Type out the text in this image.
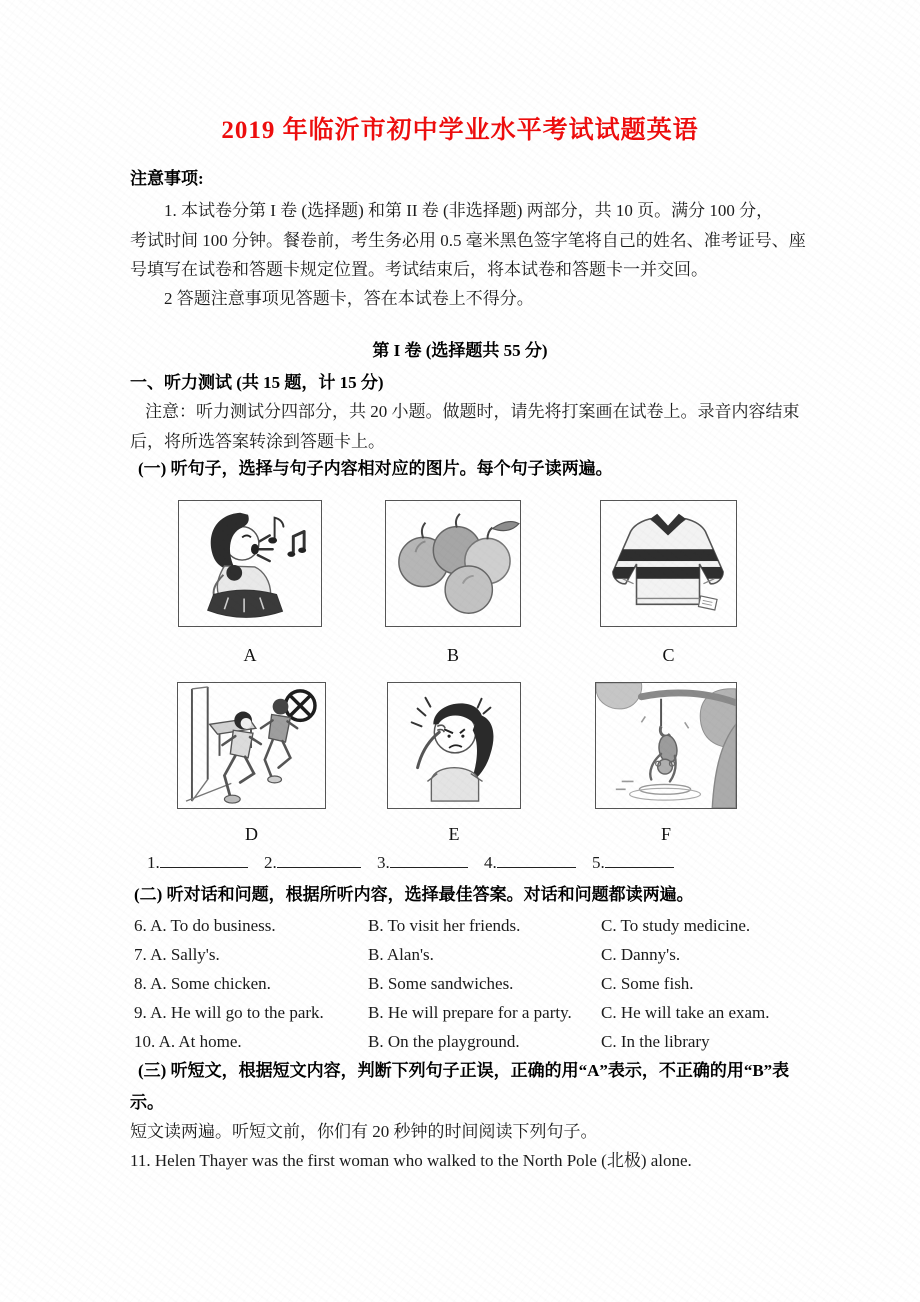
2019 年临沂市初中学业水平考试试题英语
注意事项:
1. 本试卷分第 I 卷 (选择题) 和第 II 卷 (非选择题) 两部分，共 10 页。满分 100 分，
考试时间 100 分钟。餐卷前，考生务必用 0.5 毫米黑色签字笔将自己的姓名、准考证号、座
号填写在试卷和答题卡规定位置。考试结束后，将本试卷和答题卡一并交回。
2 答题注意事项见答题卡，答在本试卷上不得分。
第 I 卷 (选择题共 55 分)
一、听力测试 (共 15 题，计 15 分)
注意：听力测试分四部分，共 20 小题。做题时，请先将打案画在试卷上。录音内容结束
后，将所选答案转涂到答题卡上。
(一) 听句子，选择与句子内容相对应的图片。每个句子读两遍。
A	B	C
D	E	F
1.	2.	3.	4.	5.
(二) 听对话和问题，根据所听内容，选择最佳答案。对话和问题都读两遍。
6. A. To do business.	B. To visit her friends.	C. To study medicine.
7. A. Sally's.	B. Alan's.	C. Danny's.
8. A. Some chicken.	B. Some sandwiches.	C. Some fish.
9. A. He will go to the park.	B. He will prepare for a party.	C. He will take an exam.
10. A. At home.	B. On the playground.	C. In the library
(三) 听短文，根据短文内容，判断下列句子正误，正确的用“A”表示，不正确的用“B”表
示。
短文读两遍。听短文前，你们有 20 秒钟的时间阅读下列句子。
11. Helen Thayer was the first woman who walked to the North Pole (北极) alone.
